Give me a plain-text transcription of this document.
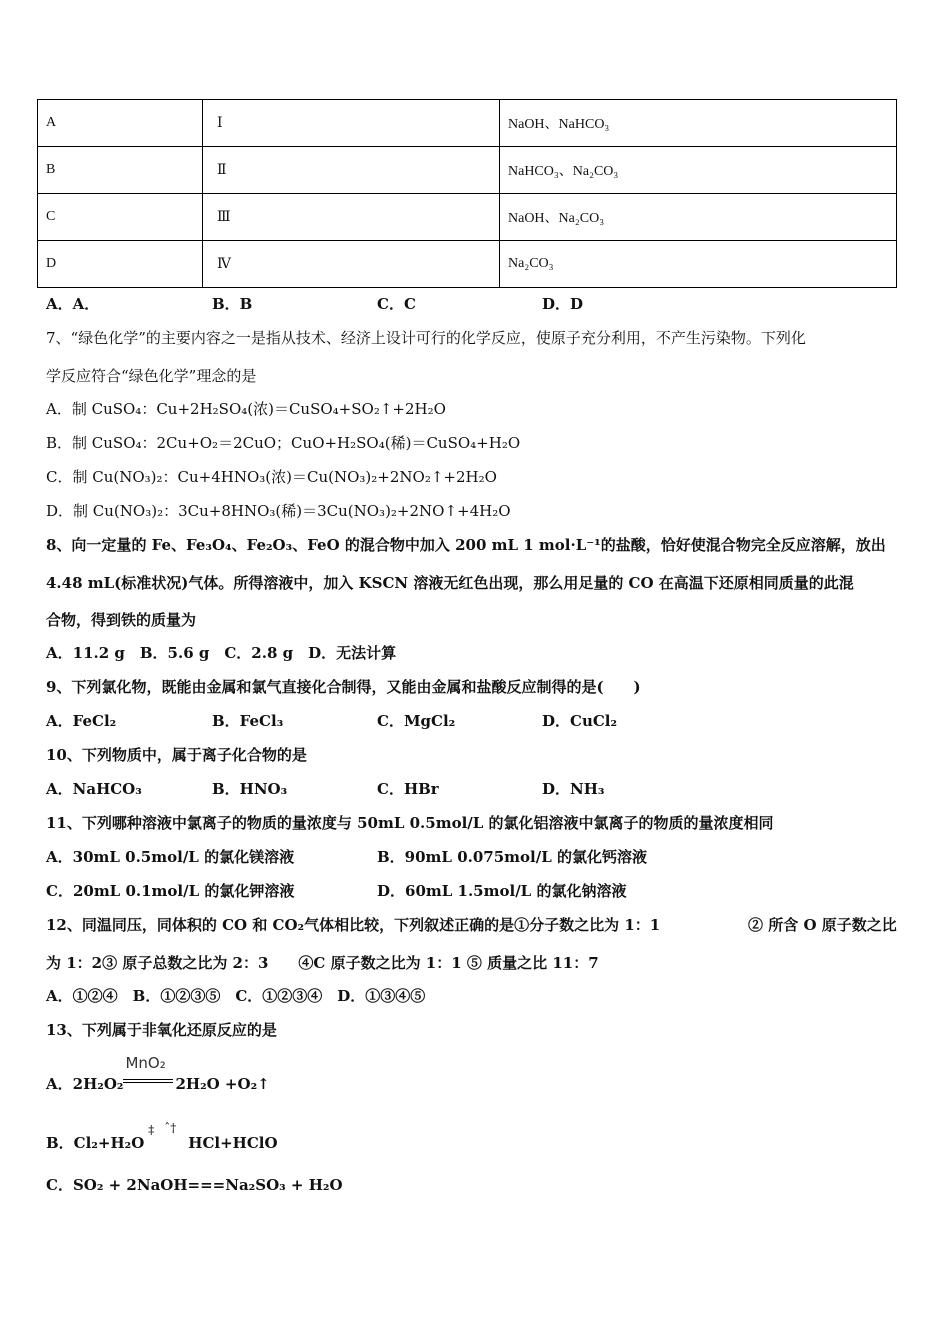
A	Ⅰ	NaOH、NaHCO₃
B	Ⅱ	NaHCO₃、Na₂CO₃
C	Ⅲ	NaOH、Na₂CO₃
D	Ⅳ	Na₂CO₃
A．A．	B．B	C．C	D．D
7、“绿色化学”的主要内容之一是指从技术、经济上设计可行的化学反应，使原子充分利用，不产生污染物。下列化
学反应符合“绿色化学”理念的是
A．制 CuSO₄：Cu+2H₂SO₄(浓)＝CuSO₄+SO₂↑+2H₂O
B．制 CuSO₄：2Cu+O₂＝2CuO；CuO+H₂SO₄(稀)＝CuSO₄+H₂O
C．制 Cu(NO₃)₂：Cu+4HNO₃(浓)＝Cu(NO₃)₂+2NO₂↑+2H₂O
D．制 Cu(NO₃)₂：3Cu+8HNO₃(稀)＝3Cu(NO₃)₂+2NO↑+4H₂O
8、向一定量的 Fe、Fe₃O₄、Fe₂O₃、FeO 的混合物中加入 200 mL 1 mol·L⁻¹的盐酸，恰好使混合物完全反应溶解，放出
4.48 mL(标准状况)气体。所得溶液中，加入 KSCN 溶液无红色出现，那么用足量的 CO 在高温下还原相同质量的此混
合物，得到铁的质量为
A．11.2 g　B．5.6 g　C．2.8 g　D．无法计算
9、下列氯化物，既能由金属和氯气直接化合制得，又能由金属和盐酸反应制得的是(　　)
A．FeCl₂	B．FeCl₃	C．MgCl₂	D．CuCl₂
10、下列物质中，属于离子化合物的是
A．NaHCO₃	B．HNO₃	C．HBr	D．NH₃
11、下列哪种溶液中氯离子的物质的量浓度与 50mL 0.5mol/L 的氯化铝溶液中氯离子的物质的量浓度相同
A．30mL 0.5mol/L 的氯化镁溶液	B．90mL 0.075mol/L 的氯化钙溶液
C．20mL 0.1mol/L 的氯化钾溶液	D．60mL 1.5mol/L 的氯化钠溶液
12、同温同压，同体积的 CO 和 CO₂气体相比较，下列叙述正确的是①分子数之比为 1：1	② 所含 O 原子数之比
为 1：2③ 原子总数之比为 2：3　　④C 原子数之比为 1：1 ⑤ 质量之比 11：7
A．①②④　B．①②③⑤　C．①②③④　D．①③④⑤
13、下列属于非氧化还原反应的是
A．2H₂O₂
MnO₂
2H₂O +O₂↑
B．Cl₂+H₂O
‡ ˆ†
HCl+HClO
C．SO₂ + 2NaOH===Na₂SO₃ + H₂O
